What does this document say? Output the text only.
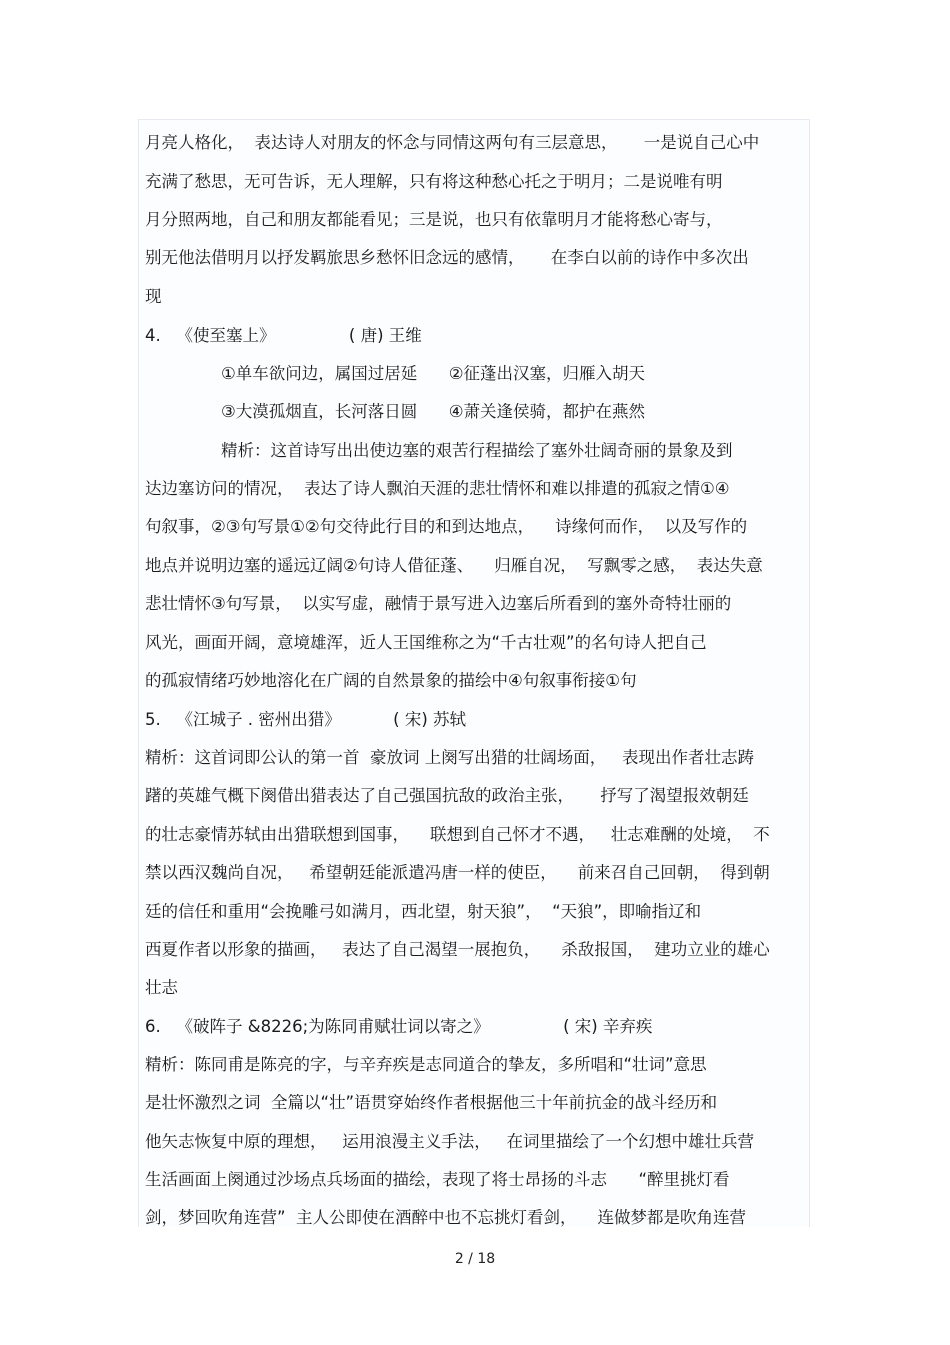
月亮人格化，  表达诗人对朋友的怀念与同情这两句有三层意思，     一是说自己心中
充满了愁思，无可告诉，无人理解，只有将这种愁心托之于明月；二是说唯有明
月分照两地，自己和朋友都能看见；三是说，也只有依靠明月才能将愁心寄与，
别无他法借明月以抒发羁旅思乡愁怀旧念远的感情，     在李白以前的诗作中多次出
现
4.   《使至塞上》              ( 唐) 王维
①单车欲问边，属国过居延      ②征蓬出汉塞，归雁入胡天
③大漠孤烟直，长河落日圆      ④萧关逢侯骑，都护在燕然
精析：这首诗写出出使边塞的艰苦行程描绘了塞外壮阔奇丽的景象及到
达边塞访问的情况，  表达了诗人飘泊天涯的悲壮情怀和难以排遣的孤寂之情①④
句叙事，②③句写景①②句交待此行目的和到达地点，    诗缘何而作，  以及写作的
地点并说明边塞的遥远辽阔②句诗人借征蓬、    归雁自况，  写飘零之感，  表达失意
悲壮情怀③句写景，  以实写虚，融情于景写进入边塞后所看到的塞外奇特壮丽的
风光，画面开阔，意境雄浑，近人王国维称之为“千古壮观”的名句诗人把自己
的孤寂情绪巧妙地溶化在广阔的自然景象的描绘中④句叙事衔接①句
5.   《江城子 . 密州出猎》          ( 宋) 苏轼
精析：这首词即公认的第一首  豪放词 上阕写出猎的壮阔场面，   表现出作者壮志踌
躇的英雄气概下阕借出猎表达了自己强国抗敌的政治主张，     抒写了渴望报效朝廷
的壮志豪情苏轼由出猎联想到国事，    联想到自己怀才不遇，   壮志难酬的处境，  不
禁以西汉魏尚自况，   希望朝廷能派遣冯唐一样的使臣，    前来召自己回朝，  得到朝
廷的信任和重用“会挽雕弓如满月，西北望，射天狼”，  “天狼”，即喻指辽和
西夏作者以形象的描画，   表达了自己渴望一展抱负，    杀敌报国，  建功立业的雄心
壮志
6.   《破阵子 &8226;为陈同甫赋壮词以寄之》              ( 宋) 辛弃疾
精析：陈同甫是陈亮的字，与辛弃疾是志同道合的挚友，多所唱和“壮词”意思
是壮怀激烈之词  全篇以“壮”语贯穿始终作者根据他三十年前抗金的战斗经历和
他矢志恢复中原的理想，   运用浪漫主义手法，   在词里描绘了一个幻想中雄壮兵营
生活画面上阕通过沙场点兵场面的描绘，表现了将士昂扬的斗志      “醉里挑灯看
剑，梦回吹角连营”  主人公即使在酒醉中也不忘挑灯看剑，    连做梦都是吹角连营
2 / 18
